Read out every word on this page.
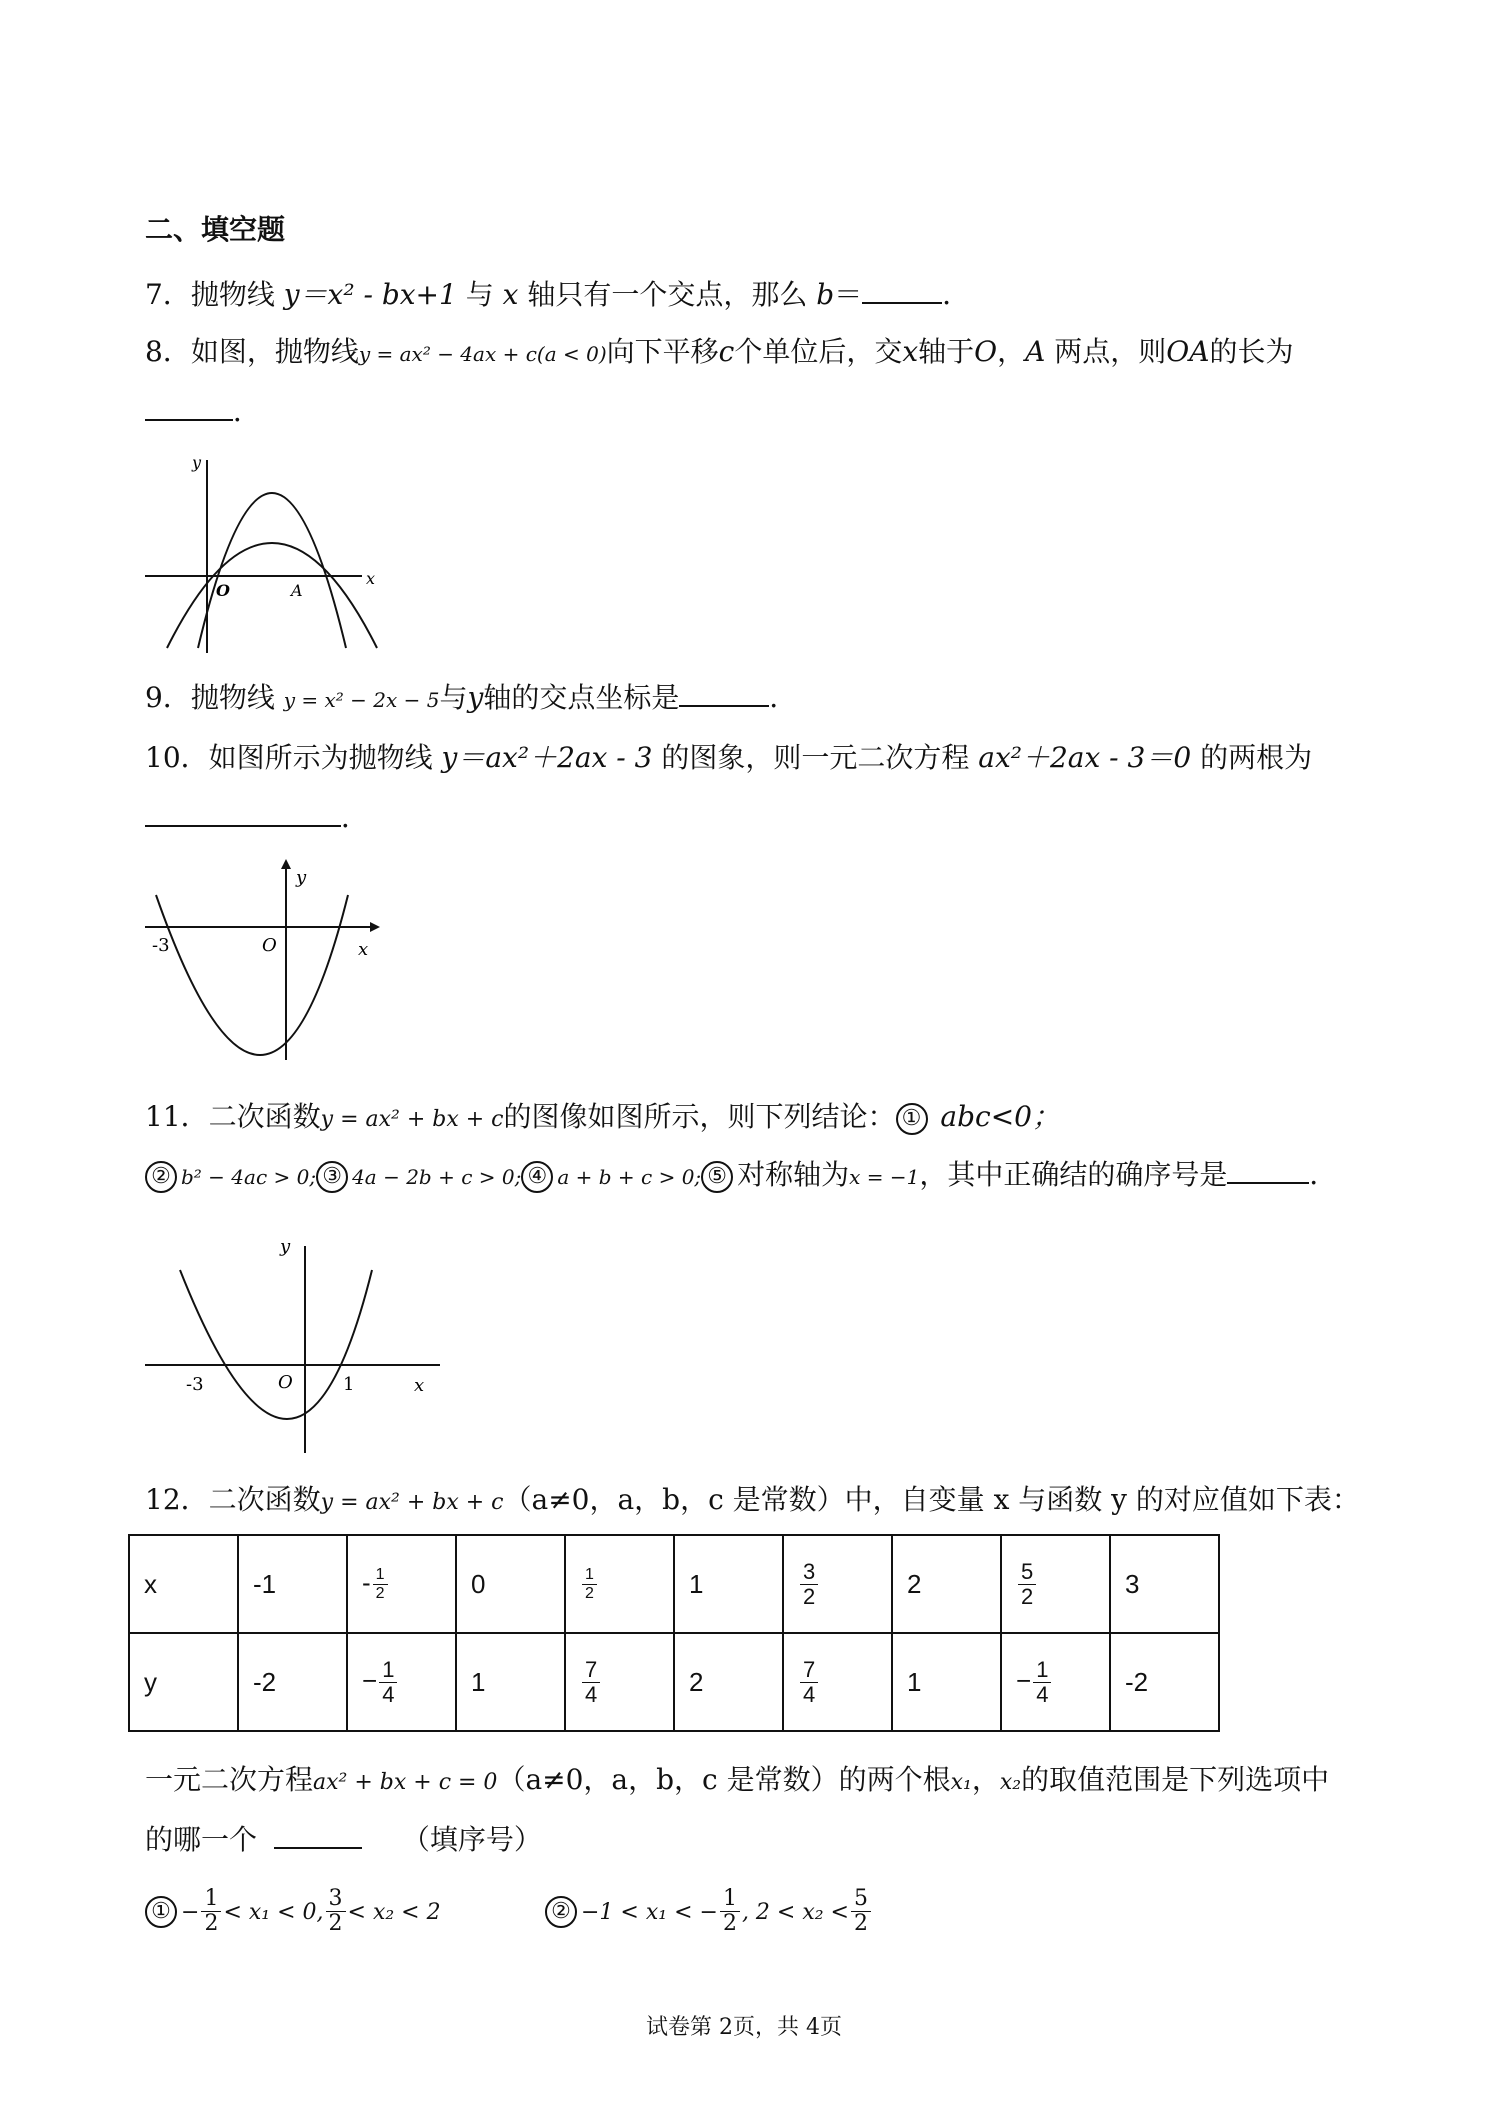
二、填空题
7．抛物线 y＝x² - bx+1 与 x 轴只有一个交点，那么 b＝	．
8．如图，抛物线y = ax² − 4ax + c(a < 0)向下平移c个单位后，交x轴于O，A 两点，则OA的长为
．
y
x
O	A
9．抛物线 y = x² − 2x − 5与y轴的交点坐标是	．
10．如图所示为抛物线 y＝ax²＋2ax - 3 的图象，则一元二次方程 ax²＋2ax - 3＝0 的两根为
．
y
x
O
-3
11．二次函数y = ax² + bx + c的图像如图所示，则下列结论： ① abc<0；
② b² − 4ac > 0; ③ 4a − 2b + c > 0; ④ a + b + c > 0; ⑤ 对称轴为x = −1，其中正确结的确序号是	．
y
x
O
-3	1
12．二次函数y = ax² + bx + c（a≠0，a，b，c 是常数）中，自变量 x 与函数 y 的对应值如下表：
x	-1	- $\frac{1}{2}$	0	$\frac{1}{2}$	1	$\frac{3}{2}$	2	$\frac{5}{2}$	3
y	-2	− $\frac{1}{4}$	1	$\frac{7}{4}$	2	$\frac{7}{4}$	1	− $\frac{1}{4}$	-2
一元二次方程ax² + bx + c = 0（a≠0，a，b，c 是常数）的两个根x₁，x₂的取值范围是下列选项中
的哪一个	（填序号）
① − $\frac{1}{2} < x_1 < 0$, $\frac{3}{2} < x_2 < 2$	② −1 < x₁ < − $\frac{1}{2}$ , $2 < x_2 < \frac{5}{2}$
试卷第 2页，共 4页
